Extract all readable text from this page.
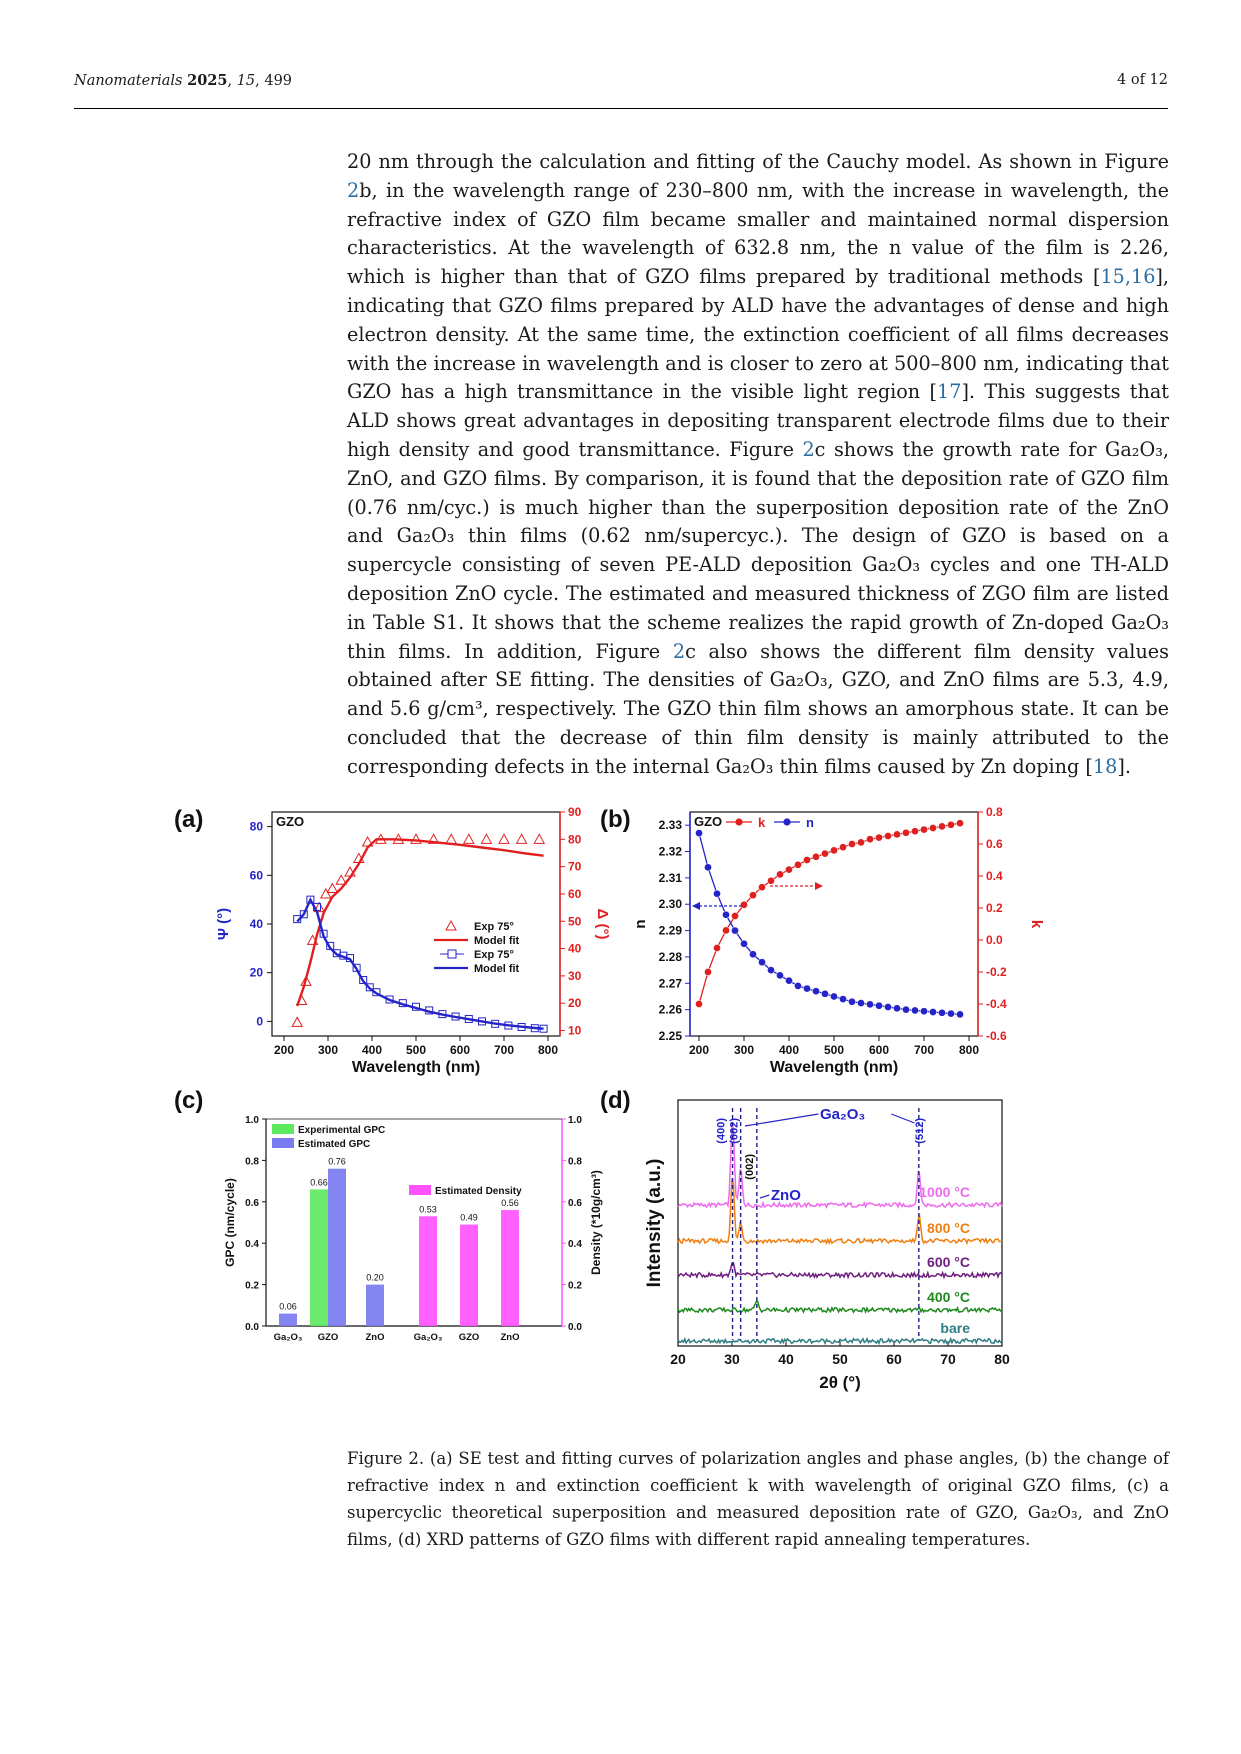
Nanomaterials 2025, 15, 499	4 of 12

20 nm through the calculation and fitting of the Cauchy model. As shown in Figure 2b, in the wavelength range of 230–800 nm, with the increase in wavelength, the refractive index of GZO film became smaller and maintained normal dispersion characteristics. At the wavelength of 632.8 nm, the n value of the film is 2.26, which is higher than that of GZO films prepared by traditional methods [15,16], indicating that GZO films prepared by ALD have the advantages of dense and high electron density. At the same time, the extinction coefficient of all films decreases with the increase in wavelength and is closer to zero at 500–800 nm, indicating that GZO has a high transmittance in the visible light region [17]. This suggests that ALD shows great advantages in depositing transparent electrode films due to their high density and good transmittance. Figure 2c shows the growth rate for Ga₂O₃, ZnO, and GZO films. By comparison, it is found that the deposition rate of GZO film (0.76 nm/cyc.) is much higher than the superposition deposition rate of the ZnO and Ga₂O₃ thin films (0.62 nm/supercyc.). The design of GZO is based on a supercycle consisting of seven PE-ALD deposition Ga₂O₃ cycles and one TH-ALD deposition ZnO cycle. The estimated and measured thickness of ZGO film are listed in Table S1. It shows that the scheme realizes the rapid growth of Zn-doped Ga₂O₃ thin films. In addition, Figure 2c also shows the different film density values obtained after SE fitting. The densities of Ga₂O₃, GZO, and ZnO films are 5.3, 4.9, and 5.6 g/cm³, respectively. The GZO thin film shows an amorphous state. It can be concluded that the decrease of thin film density is mainly attributed to the corresponding defects in the internal Ga₂O₃ thin films caused by Zn doping [18].

(a)	GZO
200 300 400 500 600 700 800
0
20
40
60
80
10
20
30
40
50
60
70
80
90
Wavelength (nm)
Ψ (°)	Δ (°)
Exp 75°
Model fit
Exp 75°
Model fit
(b)
200 300 400 500 600 700 800
2.25
2.26
2.27
2.28
2.29
2.30
2.31
2.32
2.33
0.8
0.6
0.4
0.2
0.0
-0.2
-0.4
-0.6
Wavelength (nm)
n	k
GZO	k	n
(c)
0.0	0.0
0.2	0.2
0.4	0.4
0.6	0.6
0.8	0.8
1.0	1.0
GPC (nm/cycle)	Density (*10g/cm³)
Ga₂O₃ GZO	ZnO	Ga₂O₃ GZO ZnO
0.06
0.66
0.76
0.20
0.53
0.49
0.56
Experimental GPC
Estimated GPC
Estimated Density
(d)
20	30	40	50	60	70	80
2θ (°)
Intensity (a.u.)	1000 °C
800 °C
600 °C
400 °C
bare
(400) (002)
(002)
Ga₂O₃
ZnO
(512)

Figure 2. (a) SE test and fitting curves of polarization angles and phase angles, (b) the change of refractive index n and extinction coefficient k with wavelength of original GZO films, (c) a supercyclic theoretical superposition and measured deposition rate of GZO, Ga₂O₃, and ZnO films, (d) XRD patterns of GZO films with different rapid annealing temperatures.
